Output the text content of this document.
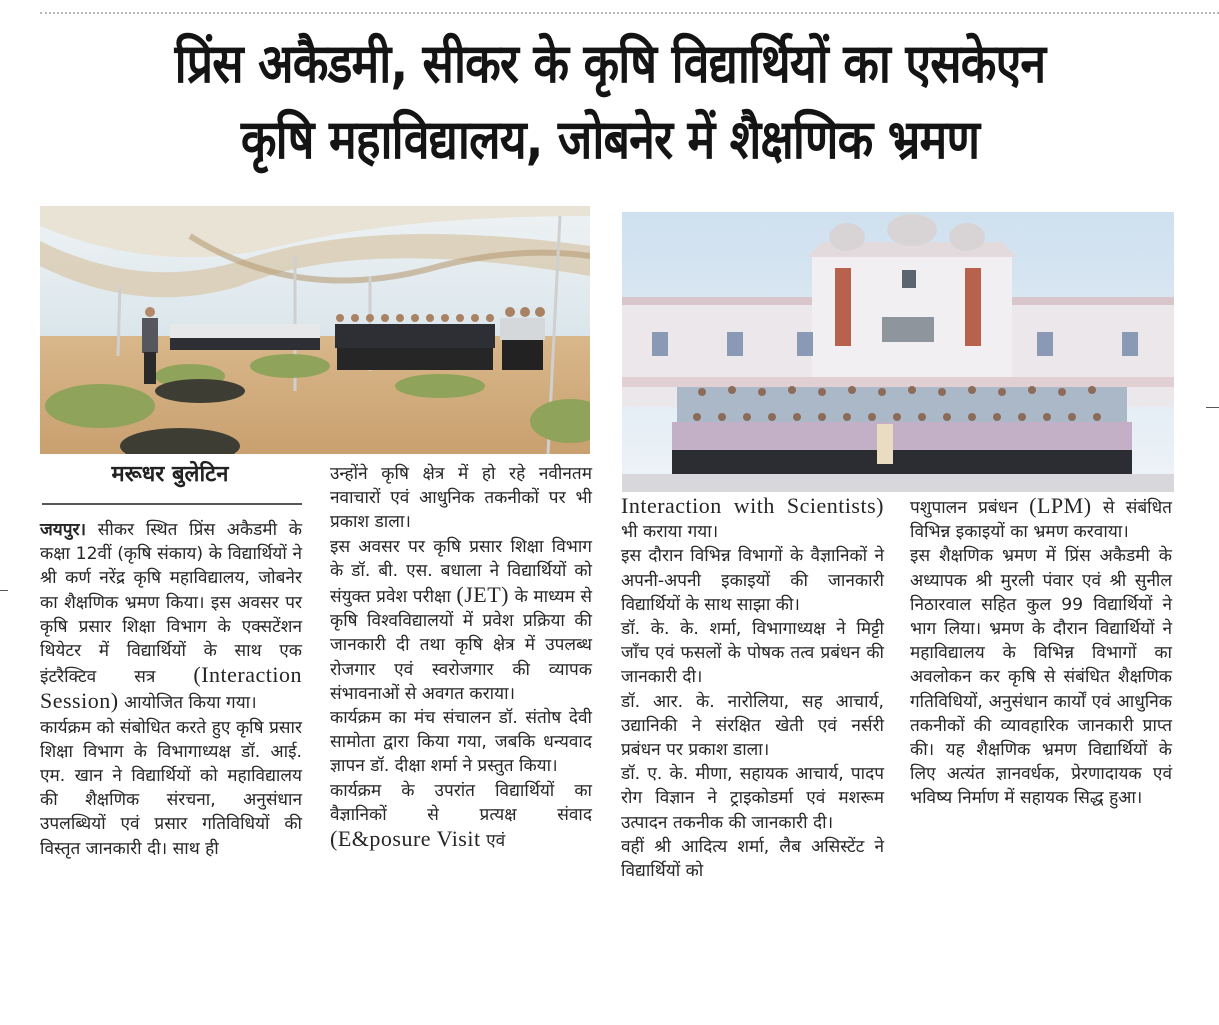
प्रिंस अकैडमी, सीकर के कृषि विद्यार्थियों का एसकेएन
कृषि महाविद्यालय, जोबनेर में शैक्षणिक भ्रमण
मरूधर बुलेटिन

जयपुर। सीकर स्थित प्रिंस अकैडमी के कक्षा 12वीं (कृषि संकाय) के विद्यार्थियों ने श्री कर्ण नरेंद्र कृषि महाविद्यालय, जोबनेर का शैक्षणिक भ्रमण किया। इस अवसर पर कृषि प्रसार शिक्षा विभाग के एक्सटेंशन थियेटर में विद्यार्थियों के साथ एक इंटरैक्टिव सत्र (Interaction Session) आयोजित किया गया।

कार्यक्रम को संबोधित करते हुए कृषि प्रसार शिक्षा विभाग के विभागाध्यक्ष डॉ. आई. एम. खान ने विद्यार्थियों को महाविद्यालय की शैक्षणिक संरचना, अनुसंधान उपलब्धियों एवं प्रसार गतिविधियों की विस्तृत जानकारी दी। साथ ही

उन्होंने कृषि क्षेत्र में हो रहे नवीनतम नवाचारों एवं आधुनिक तकनीकों पर भी प्रकाश डाला।

इस अवसर पर कृषि प्रसार शिक्षा विभाग के डॉ. बी. एस. बधाला ने विद्यार्थियों को संयुक्त प्रवेश परीक्षा (JET) के माध्यम से कृषि विश्वविद्यालयों में प्रवेश प्रक्रिया की जानकारी दी तथा कृषि क्षेत्र में उपलब्ध रोजगार एवं स्वरोजगार की व्यापक संभावनाओं से अवगत कराया।

कार्यक्रम का मंच संचालन डॉ. संतोष देवी सामोता द्वारा किया गया, जबकि धन्यवाद ज्ञापन डॉ. दीक्षा शर्मा ने प्रस्तुत किया।

कार्यक्रम के उपरांत विद्यार्थियों का वैज्ञानिकों से प्रत्यक्ष संवाद (E&posure Visit एवं

Interaction with Scientists) भी कराया गया।

इस दौरान विभिन्न विभागों के वैज्ञानिकों ने अपनी-अपनी इकाइयों की जानकारी विद्यार्थियों के साथ साझा की।

डॉ. के. के. शर्मा, विभागाध्यक्ष ने मिट्टी जाँच एवं फसलों के पोषक तत्व प्रबंधन की जानकारी दी।

डॉ. आर. के. नारोलिया, सह आचार्य, उद्यानिकी ने संरक्षित खेती एवं नर्सरी प्रबंधन पर प्रकाश डाला।

डॉ. ए. के. मीणा, सहायक आचार्य, पादप रोग विज्ञान ने ट्राइकोडर्मा एवं मशरूम उत्पादन तकनीक की जानकारी दी।

वहीं श्री आदित्य शर्मा, लैब असिस्टेंट ने विद्यार्थियों को

पशुपालन प्रबंधन (LPM) से संबंधित विभिन्न इकाइयों का भ्रमण करवाया।

इस शैक्षणिक भ्रमण में प्रिंस अकैडमी के अध्यापक श्री मुरली पंवार एवं श्री सुनील निठारवाल सहित कुल 99 विद्यार्थियों ने भाग लिया। भ्रमण के दौरान विद्यार्थियों ने महाविद्यालय के विभिन्न विभागों का अवलोकन कर कृषि से संबंधित शैक्षणिक गतिविधियों, अनुसंधान कार्यों एवं आधुनिक तकनीकों की व्यावहारिक जानकारी प्राप्त की। यह शैक्षणिक भ्रमण विद्यार्थियों के लिए अत्यंत ज्ञानवर्धक, प्रेरणादायक एवं भविष्य निर्माण में सहायक सिद्ध हुआ।
